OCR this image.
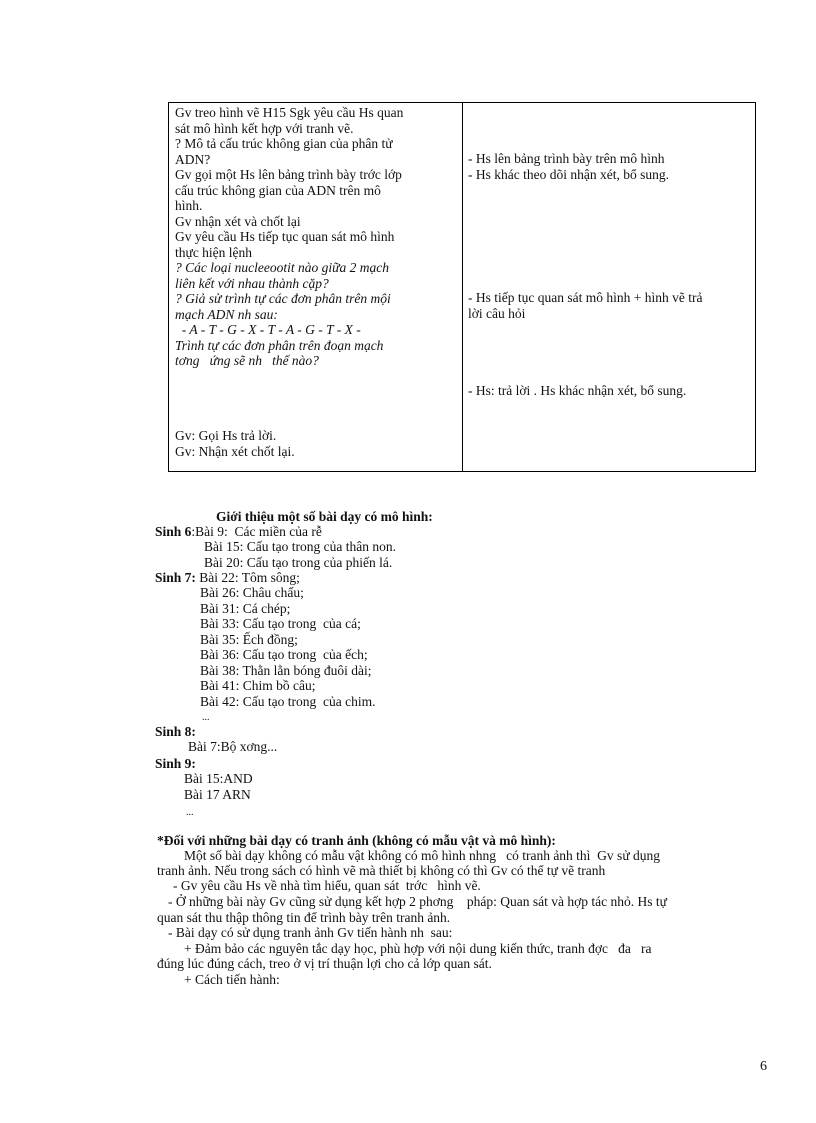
Gv treo hình vẽ H15 Sgk yêu cầu Hs quan
sát mô hình kết hợp với tranh vẽ.
? Mô tả cấu trúc không gian của phân tử
ADN?
Gv gọi một Hs lên bảng trình bày trớc lớp
cấu trúc không gian của ADN trên mô
hình.
Gv nhận xét và chốt lại
Gv yêu cầu Hs tiếp tục quan sát mô hình
thực hiện lệnh
? Các loại nucleeootit nào giữa 2 mạch
liên kết với nhau thành cặp?
? Giả sử trình tự các đơn phân trên mội
mạch ADN nh sau:
- A - T - G - X - T - A - G - T - X -
Trình tự các đơn phân trên đoạn mạch
tơng   ứng sẽ nh   thế nào?
Gv: Gọi Hs trả lời.
Gv: Nhận xét chốt lại.
- Hs lên bảng trình bày trên mô hình
- Hs khác theo dõi nhận xét, bổ sung.
- Hs tiếp tục quan sát mô hình + hình vẽ trả
lời câu hỏi
- Hs: trả lời . Hs khác nhận xét, bổ sung.
Giới thiệu một số bài dạy có mô hình:
Sinh 6:Bài 9:  Các miền của rễ
Bài 15: Cấu tạo trong của thân non.
Bài 20: Cấu tạo trong của phiến lá.
Sinh 7: Bài 22: Tôm sông;
Bài 26: Châu chấu;
Bài 31: Cá chép;
Bài 33: Cấu tạo trong  của cá;
Bài 35: Ếch đồng;
Bài 36: Cấu tạo trong  của ếch;
Bài 38: Thằn lằn bóng đuôi dài;
Bài 41: Chim bồ câu;
Bài 42: Cấu tạo trong  của chim.
...
Sinh 8:
Bài 7:Bộ xơng...
Sinh 9:
Bài 15:AND
Bài 17 ARN
...
*Đối với những bài dạy có tranh ảnh (không có mẫu vật và mô hình):
Một số bài dạy không có mẫu vật không có mô hình nhng   có tranh ảnh thì  Gv sử dụng
tranh ảnh. Nếu trong sách có hình vẽ mà thiết bị không có thì Gv có thể tự vẽ tranh
- Gv yêu cầu Hs về nhà tìm hiểu, quan sát  trớc   hình vẽ.
- Ở những bài này Gv cũng sử dụng kết hợp 2 phơng    pháp: Quan sát và hợp tác nhỏ. Hs tự
quan sát thu thập thông tin để trình bày trên tranh ảnh.
- Bài dạy có sử dụng tranh ảnh Gv tiến hành nh  sau:
+ Đảm bảo các nguyên tắc dạy học, phù hợp với nội dung kiến thức, tranh đợc   đa   ra
đúng lúc đúng cách, treo ở vị trí thuận lợi cho cả lớp quan sát.
+ Cách tiến hành:
6
